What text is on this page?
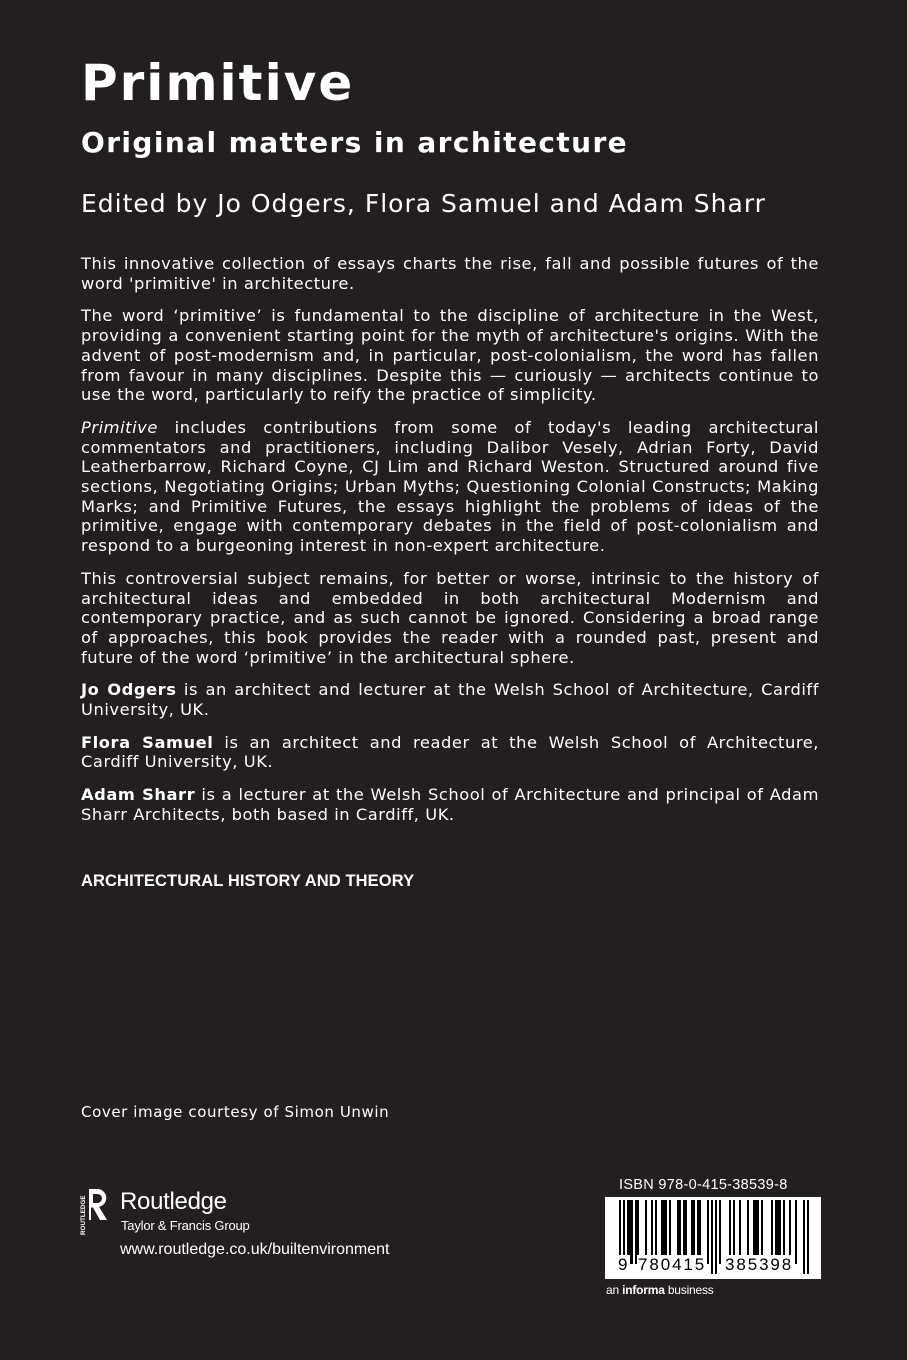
Primitive
Original matters in architecture

Edited by Jo Odgers, Flora Samuel and Adam Sharr

This innovative collection of essays charts the rise, fall and possible futures of the word 'primitive' in architecture.

The word ‘primitive’ is fundamental to the discipline of architecture in the West, providing a convenient starting point for the myth of architecture's origins. With the advent of post-modernism and, in particular, post-colonialism, the word has fallen from favour in many disciplines. Despite this — curiously — architects continue to use the word, particularly to reify the practice of simplicity.

Primitive includes contributions from some of today's leading architectural commentators and practitioners, including Dalibor Vesely, Adrian Forty, David Leatherbarrow, Richard Coyne, CJ Lim and Richard Weston. Structured around five sections, Negotiating Origins; Urban Myths; Questioning Colonial Constructs; Making Marks; and Primitive Futures, the essays highlight the problems of ideas of the primitive, engage with contemporary debates in the field of post-colonialism and respond to a burgeoning interest in non-expert architecture.

This controversial subject remains, for better or worse, intrinsic to the history of architectural ideas and embedded in both architectural Modernism and contemporary practice, and as such cannot be ignored. Considering a broad range of approaches, this book provides the reader with a rounded past, present and future of the word ‘primitive’ in the architectural sphere.

Jo Odgers is an architect and lecturer at the Welsh School of Architecture, Cardiff University, UK.

Flora Samuel is an architect and reader at the Welsh School of Architecture, Cardiff University, UK.

Adam Sharr is a lecturer at the Welsh School of Architecture and principal of Adam Sharr Architects, both based in Cardiff, UK.

ARCHITECTURAL HISTORY AND THEORY

Cover image courtesy of Simon Unwin

ROUTLEDGE Routledge
Taylor & Francis Group
www.routledge.co.uk/builtenvironment

ISBN 978-0-415-38539-8

9 780415 385398

an informa business
